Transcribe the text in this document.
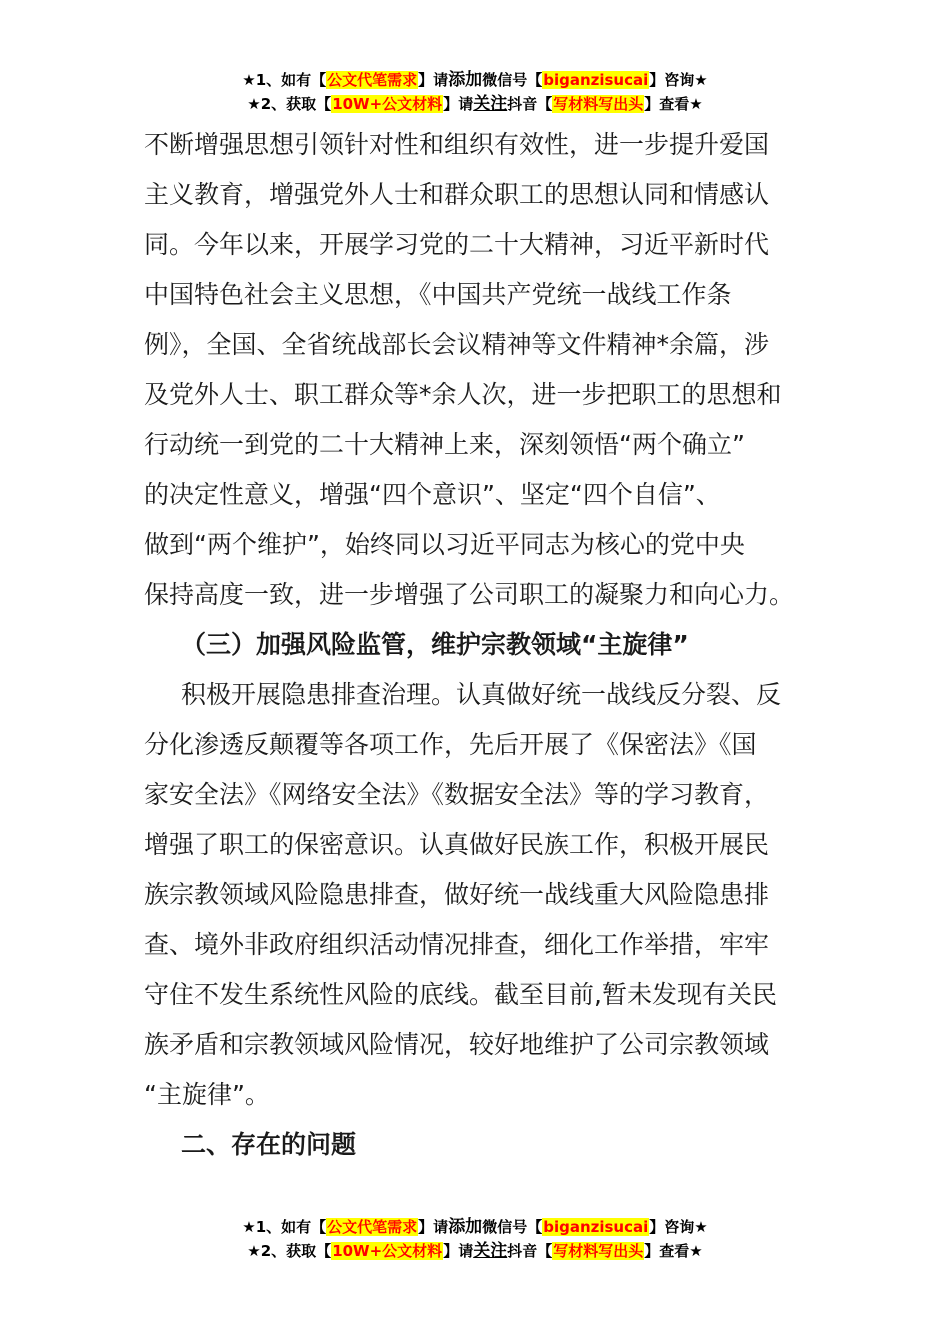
★1、如有【公文代笔需求】请添加微信号【biganzisucai】咨询★
★2、获取【10W+公文材料】请关注抖音【写材料写出头】查看★
不断增强思想引领针对性和组织有效性，进一步提升爱国
主义教育，增强党外人士和群众职工的思想认同和情感认
同。今年以来，开展学习党的二十大精神，习近平新时代
中国特色社会主义思想，《中国共产党统一战线工作条
例》，全国、全省统战部长会议精神等文件精神*余篇，涉
及党外人士、职工群众等*余人次，进一步把职工的思想和
行动统一到党的二十大精神上来，深刻领悟“两个确立”
的决定性意义，增强“四个意识”、坚定“四个自信”、
做到“两个维护”，始终同以习近平同志为核心的党中央
保持高度一致，进一步增强了公司职工的凝聚力和向心力。
（三）加强风险监管，维护宗教领域“主旋律”
积极开展隐患排查治理。认真做好统一战线反分裂、反
分化渗透反颠覆等各项工作，先后开展了《保密法》《国
家安全法》《网络安全法》《数据安全法》等的学习教育，
增强了职工的保密意识。认真做好民族工作，积极开展民
族宗教领域风险隐患排查，做好统一战线重大风险隐患排
查、境外非政府组织活动情况排查，细化工作举措，牢牢
守住不发生系统性风险的底线。截至目前,暂未发现有关民
族矛盾和宗教领域风险情况，较好地维护了公司宗教领域
“主旋律”。
二、存在的问题
★1、如有【公文代笔需求】请添加微信号【biganzisucai】咨询★
★2、获取【10W+公文材料】请关注抖音【写材料写出头】查看★
